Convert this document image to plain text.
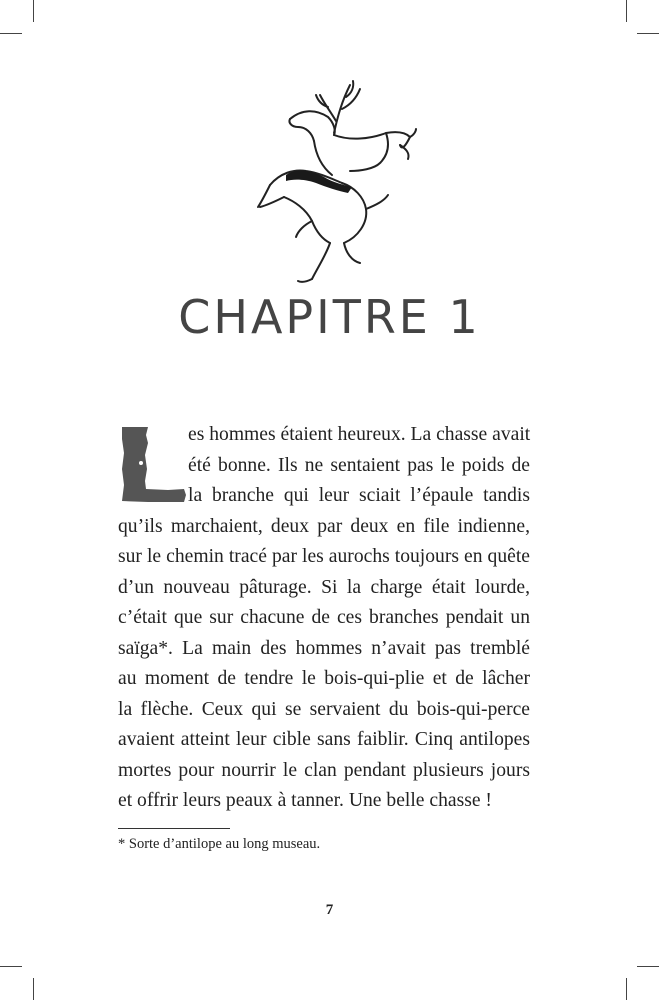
CHAPITRE 1
es hommes étaient heureux. La chasse avait
été bonne. Ils ne sentaient pas le poids de
la branche qui leur sciait l’épaule tandis
qu’ils marchaient, deux par deux en file indienne,
sur le chemin tracé par les aurochs toujours en quête
d’un nouveau pâturage. Si la charge était lourde,
c’était que sur chacune de ces branches pendait un
saïga*. La main des hommes n’avait pas tremblé
au moment de tendre le bois-qui-plie et de lâcher
la flèche. Ceux qui se servaient du bois-qui-perce
avaient atteint leur cible sans faiblir. Cinq antilopes
mortes pour nourrir le clan pendant plusieurs jours
et offrir leurs peaux à tanner. Une belle chasse !
* Sorte d’antilope au long museau.
7
